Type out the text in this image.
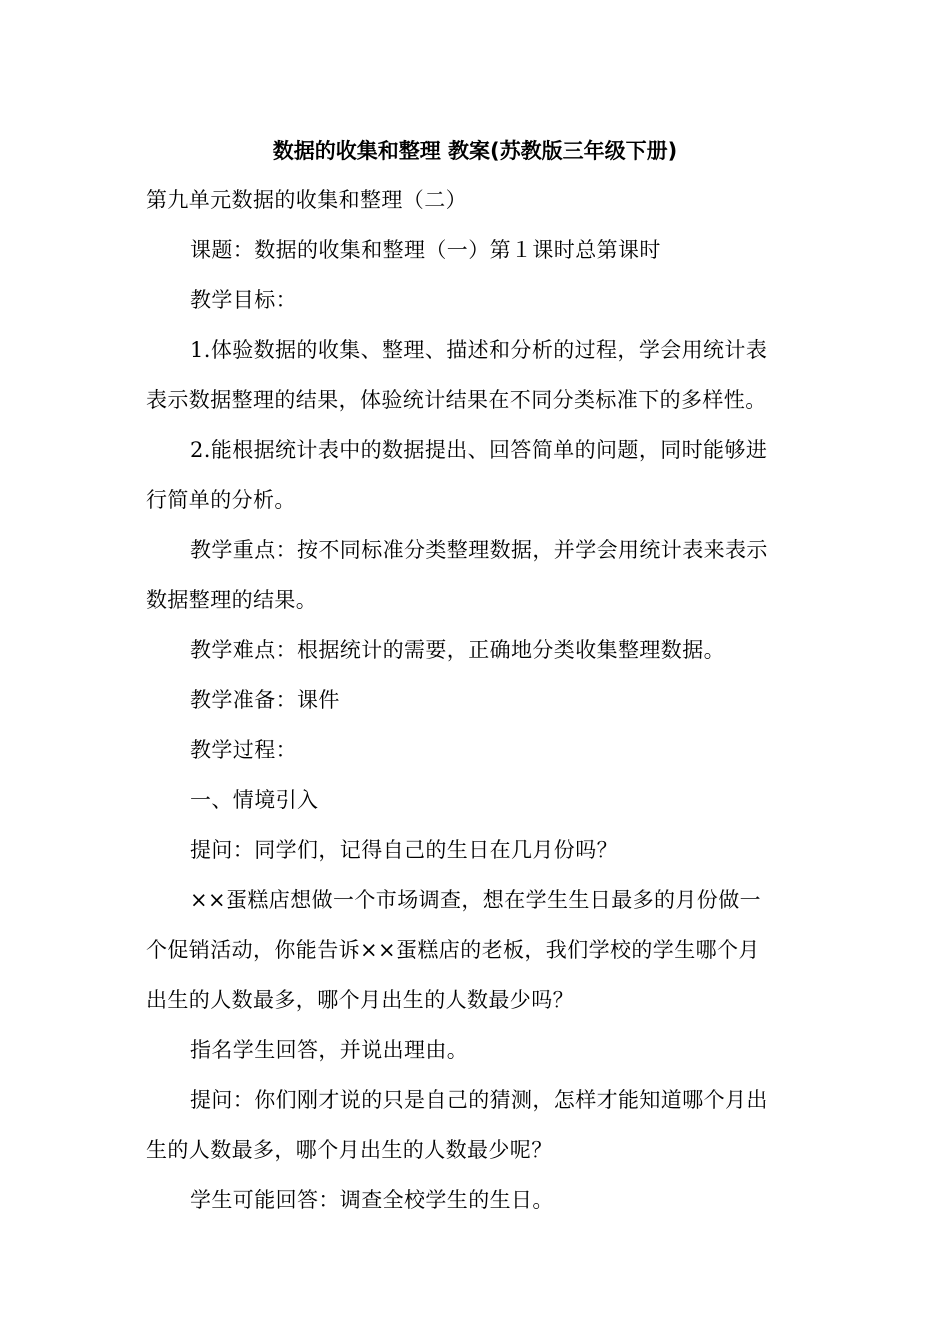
数据的收集和整理 教案(苏教版三年级下册)
第九单元数据的收集和整理（二）
课题：数据的收集和整理（一）第１课时总第课时
教学目标：
1.体验数据的收集、整理、描述和分析的过程，学会用统计表
表示数据整理的结果，体验统计结果在不同分类标准下的多样性。
2.能根据统计表中的数据提出、回答简单的问题，同时能够进
行简单的分析。
教学重点：按不同标准分类整理数据，并学会用统计表来表示
数据整理的结果。
教学难点：根据统计的需要，正确地分类收集整理数据。
教学准备：课件
教学过程：
一、情境引入
提问：同学们，记得自己的生日在几月份吗？
××蛋糕店想做一个市场调查，想在学生生日最多的月份做一
个促销活动，你能告诉××蛋糕店的老板，我们学校的学生哪个月
出生的人数最多，哪个月出生的人数最少吗？
指名学生回答，并说出理由。
提问：你们刚才说的只是自己的猜测，怎样才能知道哪个月出
生的人数最多，哪个月出生的人数最少呢？
学生可能回答：调查全校学生的生日。
